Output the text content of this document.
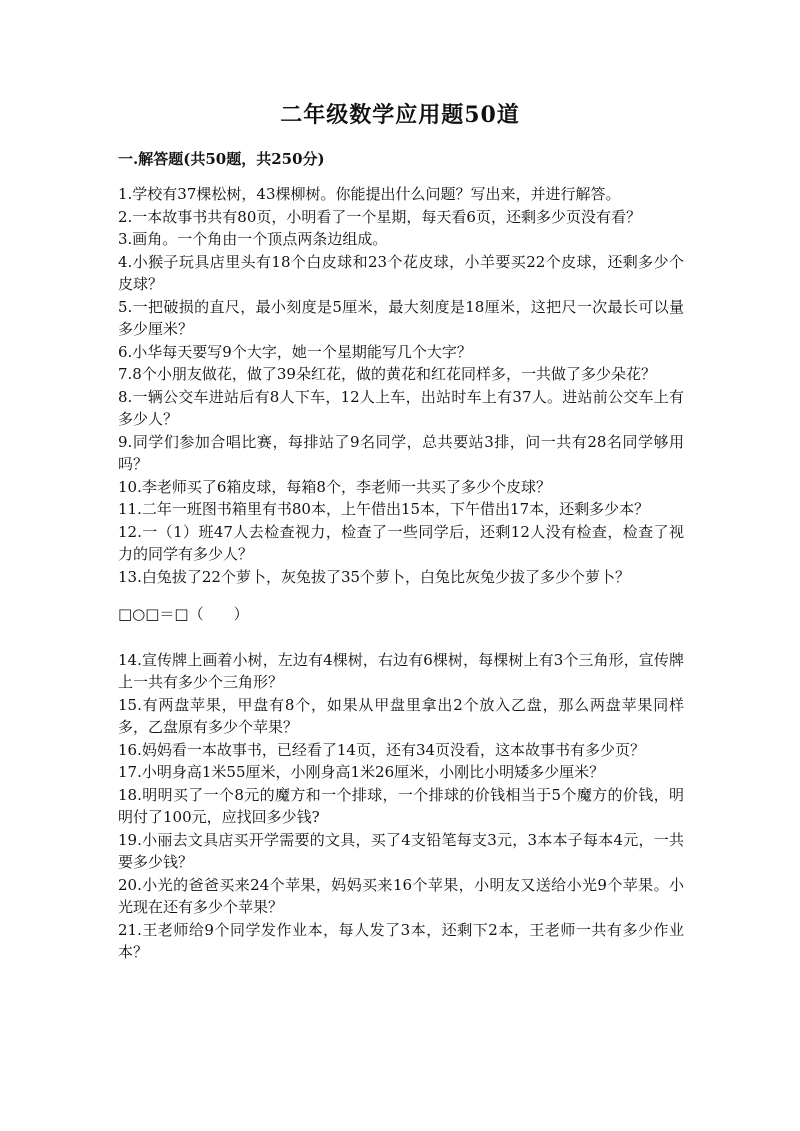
二年级数学应用题50道
一.解答题(共50题，共250分)

1.学校有37棵松树，43棵柳树。你能提出什么问题？写出来，并进行解答。

2.一本故事书共有80页，小明看了一个星期，每天看6页，还剩多少页没有看？

3.画角。一个角由一个顶点两条边组成。

4.小猴子玩具店里头有18个白皮球和23个花皮球，小羊要买22个皮球，还剩多少个皮球？

5.一把破损的直尺，最小刻度是5厘米，最大刻度是18厘米，这把尺一次最长可以量多少厘米？

6.小华每天要写9个大字，她一个星期能写几个大字？

7.8个小朋友做花，做了39朵红花，做的黄花和红花同样多，一共做了多少朵花？

8.一辆公交车进站后有8人下车，12人上车，出站时车上有37人。进站前公交车上有多少人？

9.同学们参加合唱比赛，每排站了9名同学，总共要站3排，问一共有28名同学够用吗？

10.李老师买了6箱皮球，每箱8个，李老师一共买了多少个皮球？

11.二年一班图书箱里有书80本，上午借出15本，下午借出17本，还剩多少本？

12.一（1）班47人去检查视力，检查了一些同学后，还剩12人没有检查，检查了视力的同学有多少人？

13.白兔拔了22个萝卜，灰兔拔了35个萝卜，白兔比灰兔少拔了多少个萝卜？

□○□＝□（　　）

14.宣传牌上画着小树，左边有4棵树，右边有6棵树，每棵树上有3个三角形，宣传牌上一共有多少个三角形？

15.有两盘苹果，甲盘有8个，如果从甲盘里拿出2个放入乙盘，那么两盘苹果同样多，乙盘原有多少个苹果？

16.妈妈看一本故事书，已经看了14页，还有34页没看，这本故事书有多少页？

17.小明身高1米55厘米，小刚身高1米26厘米，小刚比小明矮多少厘米？

18.明明买了一个8元的魔方和一个排球，一个排球的价钱相当于5个魔方的价钱，明明付了100元，应找回多少钱?

19.小丽去文具店买开学需要的文具，买了4支铅笔每支3元，3本本子每本4元，一共要多少钱？

20.小光的爸爸买来24个苹果，妈妈买来16个苹果，小明友又送给小光9个苹果。小光现在还有多少个苹果？

21.王老师给9个同学发作业本，每人发了3本，还剩下2本，王老师一共有多少作业本？
